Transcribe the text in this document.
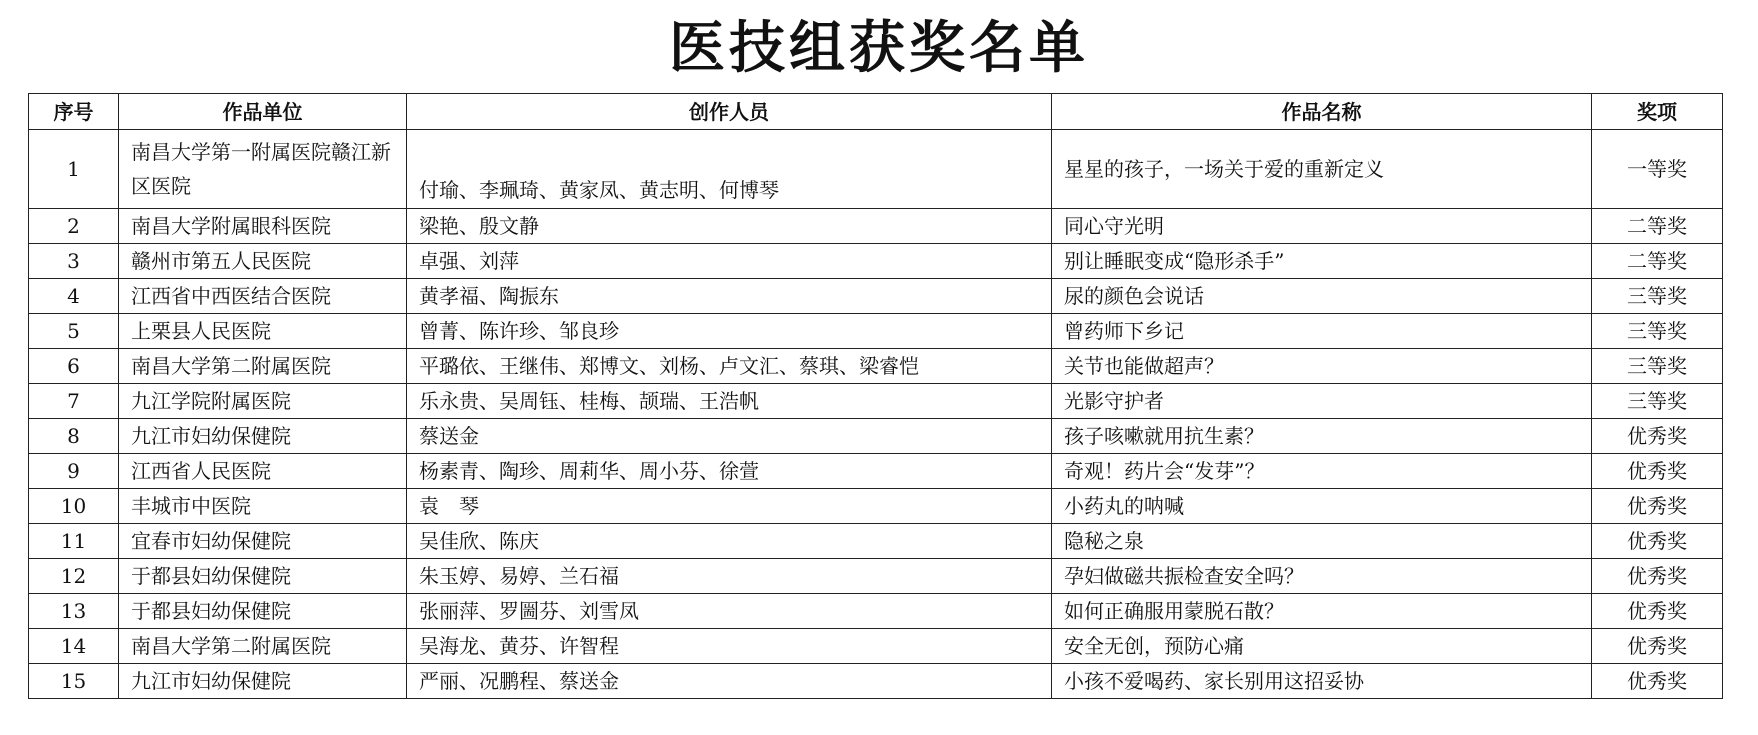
医技组获奖名单
序号	作品单位	创作人员	作品名称	奖项
1	南昌大学第一附属医院赣江新区医院	付瑜、李珮琦、黄家凤、黄志明、何博琴	星星的孩子，一场关于爱的重新定义	一等奖
2	南昌大学附属眼科医院	梁艳、殷文静	同心守光明	二等奖
3	赣州市第五人民医院	卓强、刘萍	别让睡眠变成“隐形杀手”	二等奖
4	江西省中西医结合医院	黄孝福、陶振东	尿的颜色会说话	三等奖
5	上栗县人民医院	曾菁、陈许珍、邹良珍	曾药师下乡记	三等奖
6	南昌大学第二附属医院	平璐依、王继伟、郑博文、刘杨、卢文汇、蔡琪、梁睿恺	关节也能做超声？	三等奖
7	九江学院附属医院	乐永贵、吴周钰、桂梅、颉瑞、王浩帆	光影守护者	三等奖
8	九江市妇幼保健院	蔡送金	孩子咳嗽就用抗生素？	优秀奖
9	江西省人民医院	杨素青、陶珍、周莉华、周小芬、徐萱	奇观！药片会“发芽”？	优秀奖
10	丰城市中医院	袁　琴	小药丸的呐喊	优秀奖
11	宜春市妇幼保健院	吴佳欣、陈庆	隐秘之泉	优秀奖
12	于都县妇幼保健院	朱玉婷、易婷、兰石福	孕妇做磁共振检查安全吗？	优秀奖
13	于都县妇幼保健院	张丽萍、罗圌芬、刘雪凤	如何正确服用蒙脱石散？	优秀奖
14	南昌大学第二附属医院	吴海龙、黄芬、许智程	安全无创，预防心痛	优秀奖
15	九江市妇幼保健院	严丽、况鹏程、蔡送金	小孩不爱喝药、家长别用这招妥协	优秀奖
